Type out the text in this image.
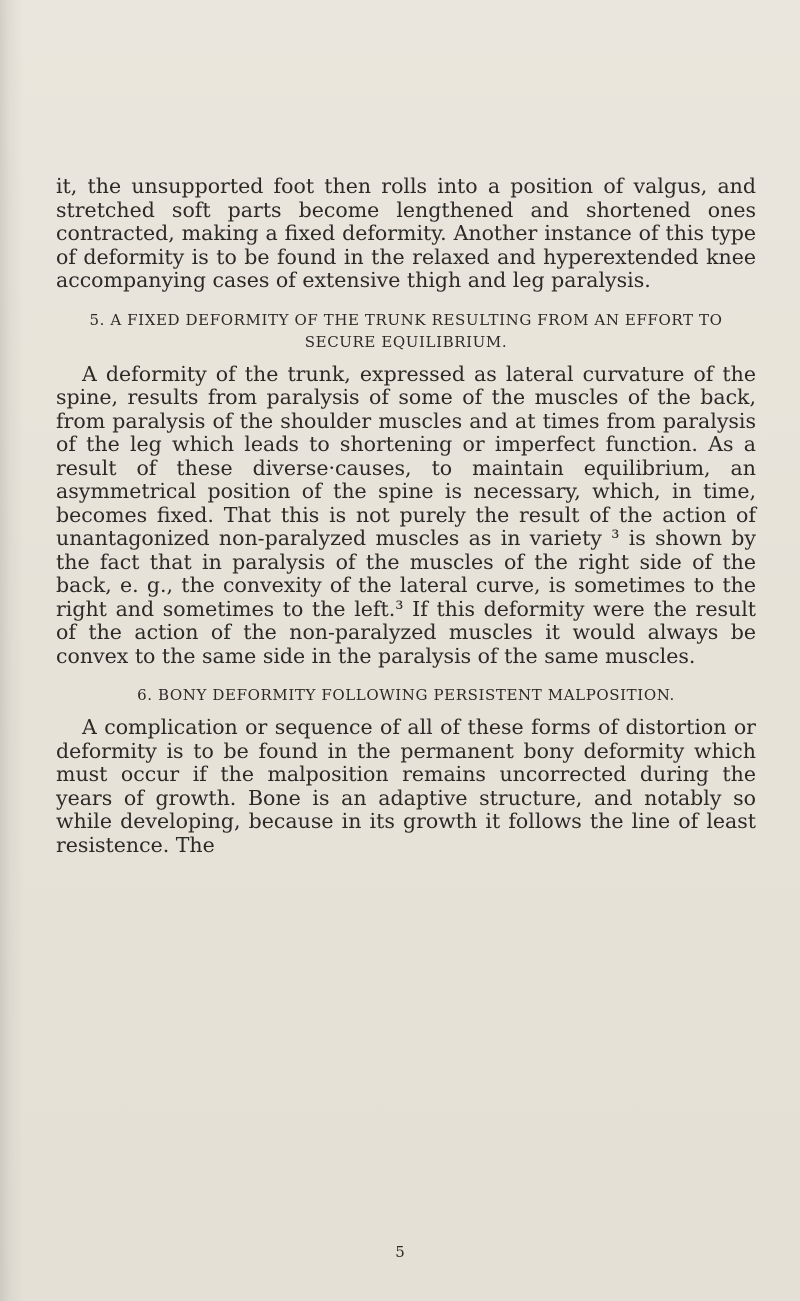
it, the unsupported foot then rolls into a position of valgus, and stretched soft parts become lengthened and shortened ones contracted, making a fixed deformity. Another instance of this type of deformity is to be found in the relaxed and hyperextended knee accompanying cases of extensive thigh and leg paralysis.

5. A FIXED DEFORMITY OF THE TRUNK RESULTING FROM AN EFFORT TO SECURE EQUILIBRIUM.

A deformity of the trunk, expressed as lateral curvature of the spine, results from paralysis of some of the muscles of the back, from paralysis of the shoulder muscles and at times from paralysis of the leg which leads to shortening or imperfect function. As a result of these diverse·causes, to maintain equilibrium, an asymmetrical position of the spine is necessary, which, in time, becomes fixed. That this is not purely the result of the action of unantagonized non-paralyzed muscles as in variety ³ is shown by the fact that in paralysis of the muscles of the right side of the back, e. g., the convexity of the lateral curve, is sometimes to the right and sometimes to the left.³ If this deformity were the result of the action of the non-paralyzed muscles it would always be convex to the same side in the paralysis of the same muscles.

6. BONY DEFORMITY FOLLOWING PERSISTENT MALPOSITION.

A complication or sequence of all of these forms of distortion or deformity is to be found in the permanent bony deformity which must occur if the malposition remains uncorrected during the years of growth. Bone is an adaptive structure, and notably so while developing, because in its growth it follows the line of least resistence. The

5
